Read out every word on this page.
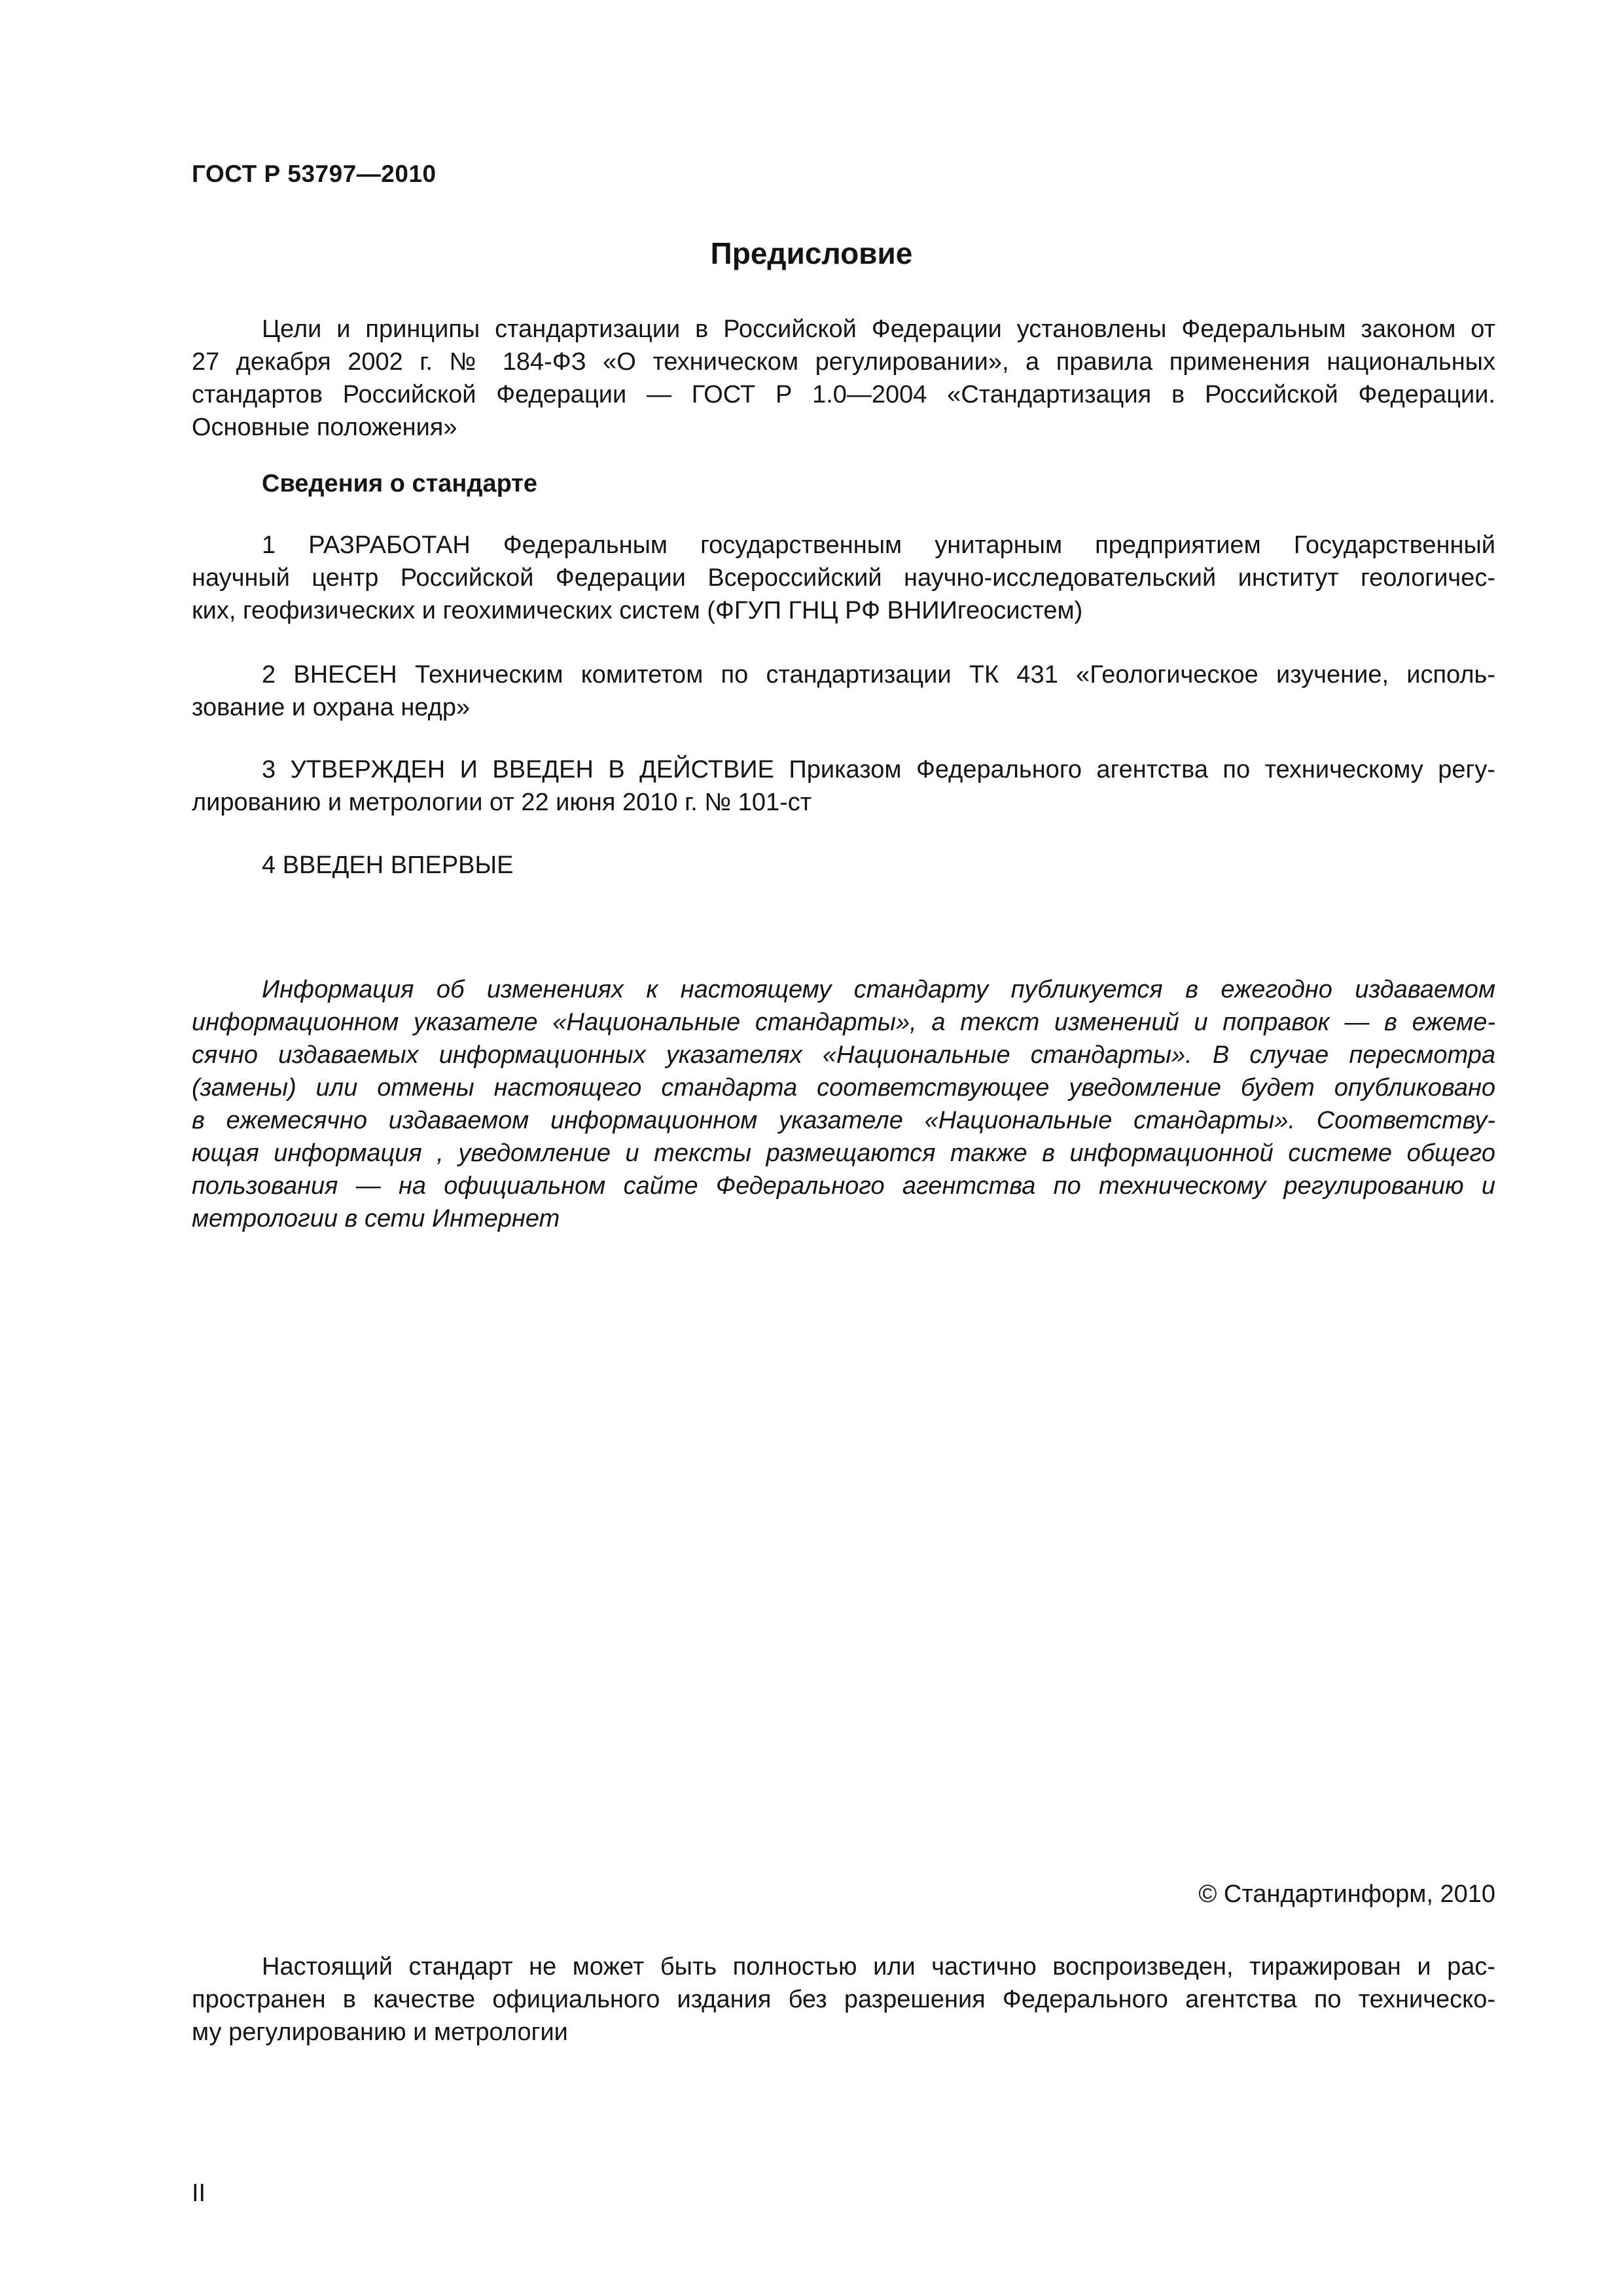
ГОСТ Р 53797—2010
Предисловие
Цели и принципы стандартизации в Российской Федерации установлены Федеральным законом от
27 декабря 2002 г. № 184-ФЗ «О техническом регулировании», а правила применения национальных
стандартов Российской Федерации — ГОСТ Р 1.0—2004 «Стандартизация в Российской Федерации.
Основные положения»
Сведения о стандарте
1 РАЗРАБОТАН Федеральным государственным унитарным предприятием Государственный
научный центр Российской Федерации Всероссийский научно-исследовательский институт геологичес-
ких, геофизических и геохимических систем (ФГУП ГНЦ РФ ВНИИгеосистем)
2 ВНЕСЕН Техническим комитетом по стандартизации ТК 431 «Геологическое изучение, исполь-
зование и охрана недр»
3 УТВЕРЖДЕН И ВВЕДЕН В ДЕЙСТВИЕ Приказом Федерального агентства по техническому регу-
лированию и метрологии от 22 июня 2010 г. № 101-ст
4 ВВЕДЕН ВПЕРВЫЕ
Информация об изменениях к настоящему стандарту публикуется в ежегодно издаваемом
информационном указателе «Национальные стандарты», а текст изменений и поправок — в ежеме-
сячно издаваемых информационных указателях «Национальные стандарты». В случае пересмотра
(замены) или отмены настоящего стандарта соответствующее уведомление будет опубликовано
в ежемесячно издаваемом информационном указателе «Национальные стандарты». Соответству-
ющая информация , уведомление и тексты размещаются также в информационной системе общего
пользования — на официальном сайте Федерального агентства по техническому регулированию и
метрологии в сети Интернет
© Стандартинформ, 2010
Настоящий стандарт не может быть полностью или частично воспроизведен, тиражирован и рас-
пространен в качестве официального издания без разрешения Федерального агентства по техническо-
му регулированию и метрологии
II
